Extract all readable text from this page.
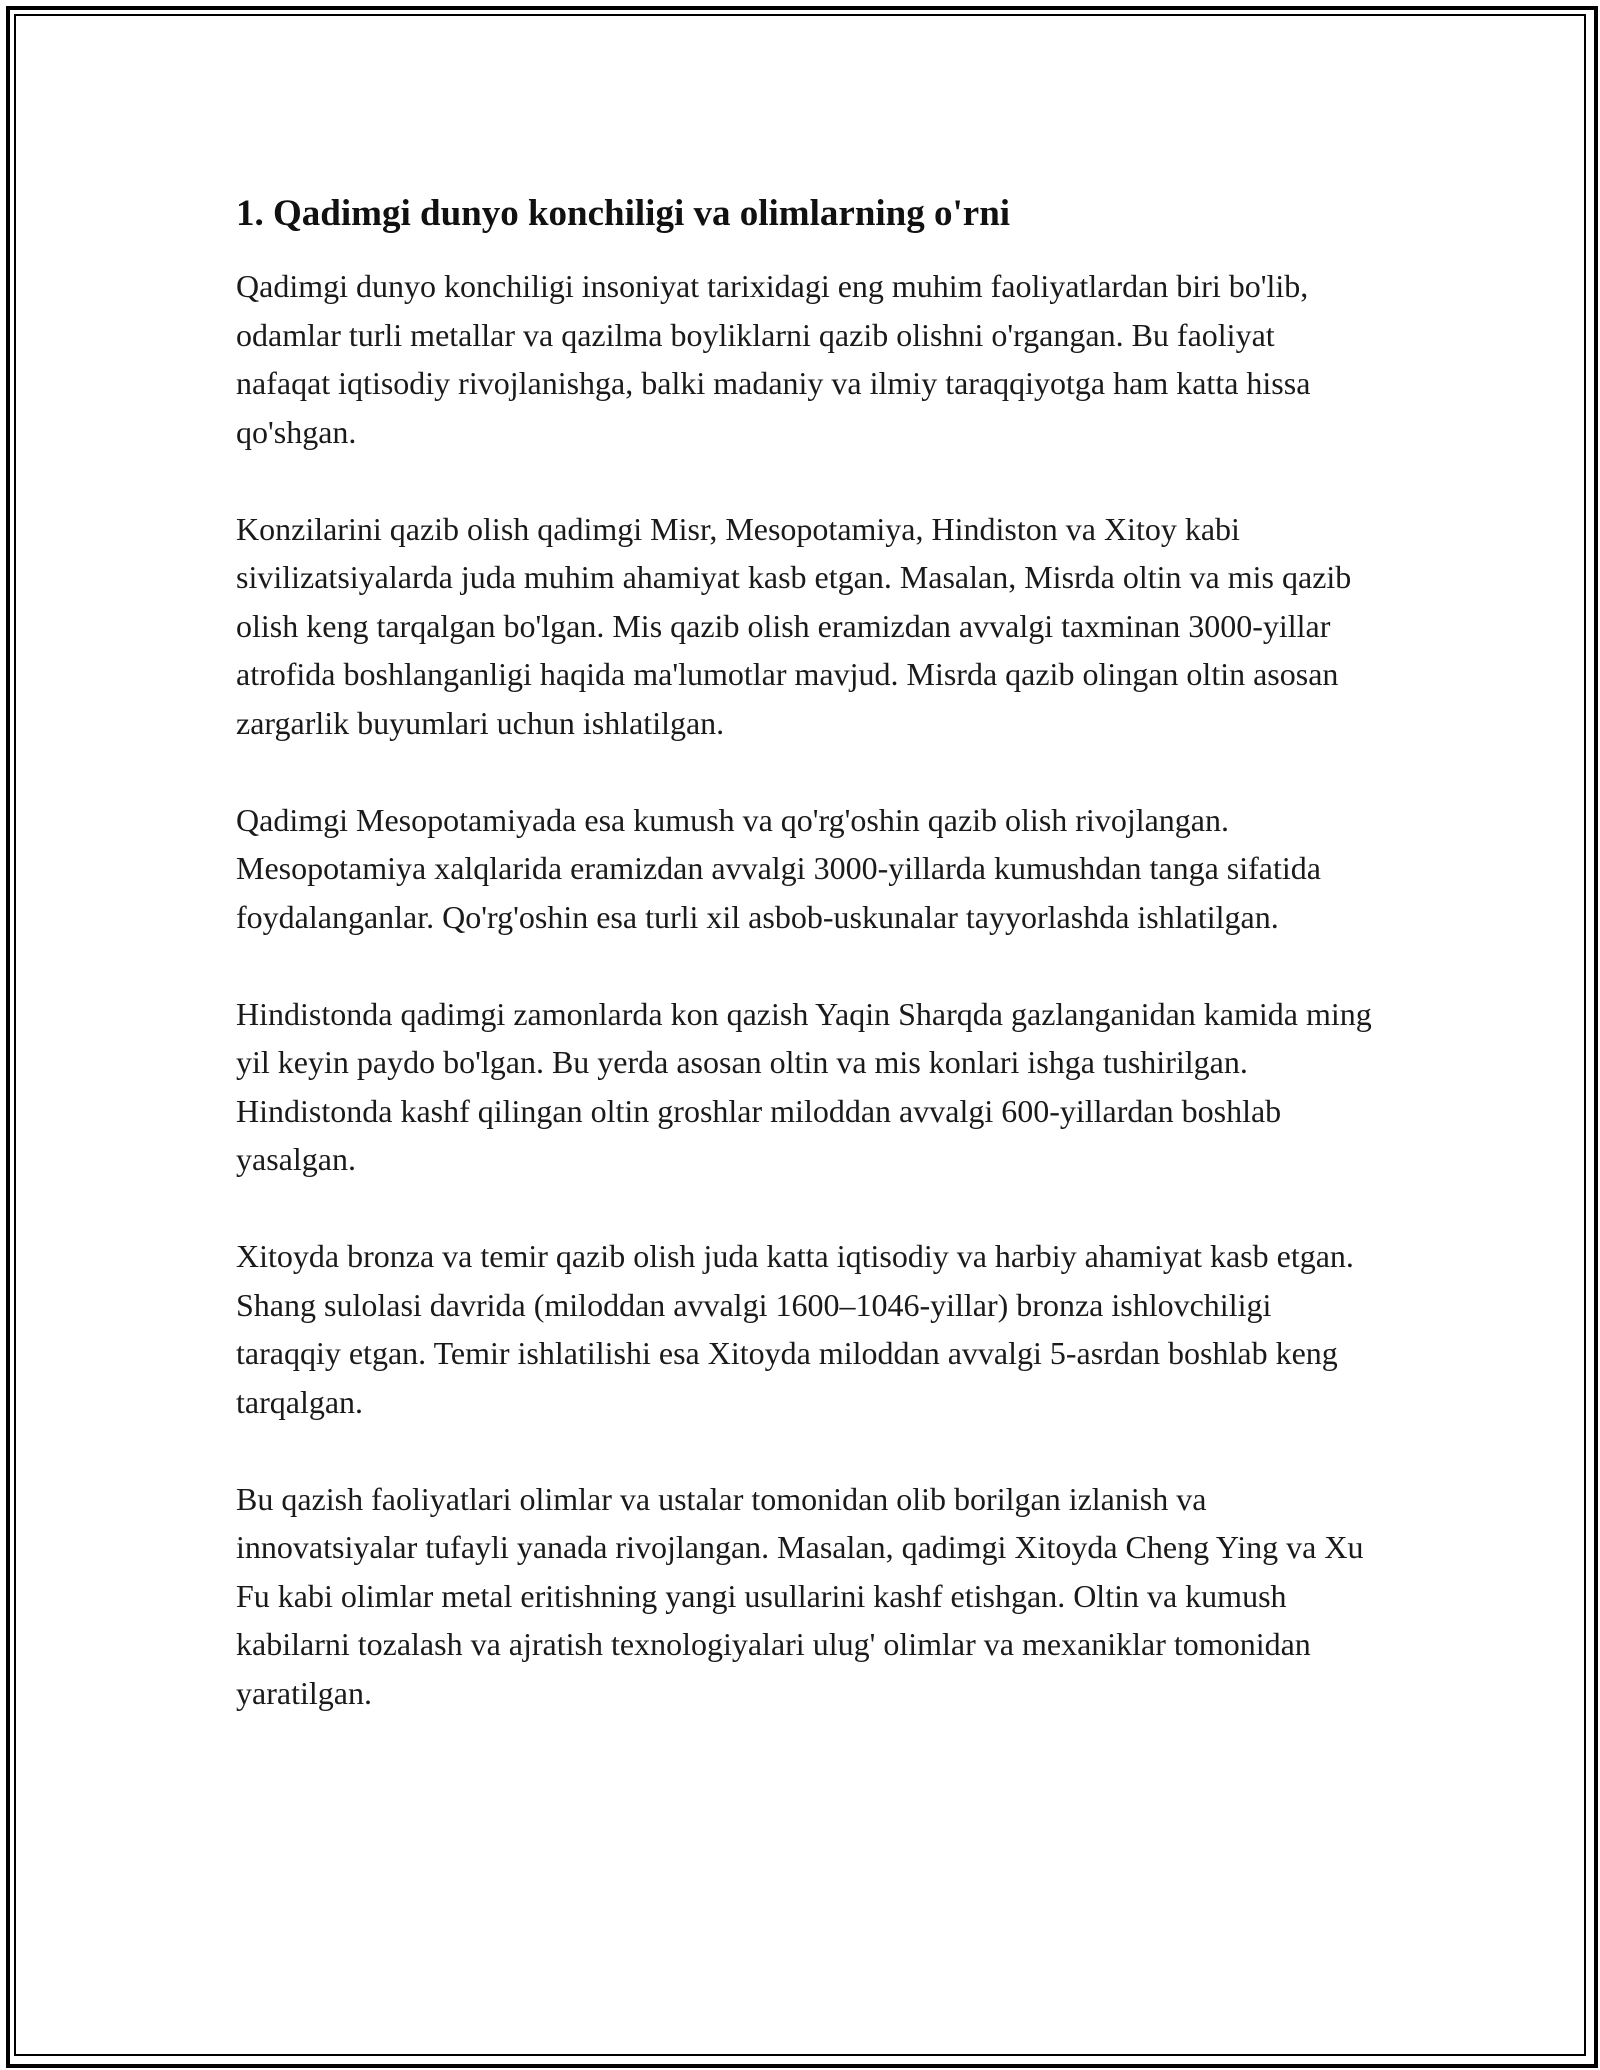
1. Qadimgi dunyo konchiligi va olimlarning o'rni

Qadimgi dunyo konchiligi insoniyat tarixidagi eng muhim faoliyatlardan biri bo'lib, odamlar turli metallar va qazilma boyliklarni qazib olishni o'rgangan. Bu faoliyat nafaqat iqtisodiy rivojlanishga, balki madaniy va ilmiy taraqqiyotga ham katta hissa qo'shgan.

Konzilarini qazib olish qadimgi Misr, Mesopotamiya, Hindiston va Xitoy kabi sivilizatsiyalarda juda muhim ahamiyat kasb etgan. Masalan, Misrda oltin va mis qazib olish keng tarqalgan bo'lgan. Mis qazib olish eramizdan avvalgi taxminan 3000-yillar atrofida boshlanganligi haqida ma'lumotlar mavjud. Misrda qazib olingan oltin asosan zargarlik buyumlari uchun ishlatilgan.

Qadimgi Mesopotamiyada esa kumush va qo'rg'oshin qazib olish rivojlangan. Mesopotamiya xalqlarida eramizdan avvalgi 3000-yillarda kumushdan tanga sifatida foydalanganlar. Qo'rg'oshin esa turli xil asbob-uskunalar tayyorlashda ishlatilgan.

Hindistonda qadimgi zamonlarda kon qazish Yaqin Sharqda gazlanganidan kamida ming yil keyin paydo bo'lgan. Bu yerda asosan oltin va mis konlari ishga tushirilgan. Hindistonda kashf qilingan oltin groshlar miloddan avvalgi 600-yillardan boshlab yasalgan.

Xitoyda bronza va temir qazib olish juda katta iqtisodiy va harbiy ahamiyat kasb etgan. Shang sulolasi davrida (miloddan avvalgi 1600–1046-yillar) bronza ishlovchiligi taraqqiy etgan. Temir ishlatilishi esa Xitoyda miloddan avvalgi 5-asrdan boshlab keng tarqalgan.

Bu qazish faoliyatlari olimlar va ustalar tomonidan olib borilgan izlanish va innovatsiyalar tufayli yanada rivojlangan. Masalan, qadimgi Xitoyda Cheng Ying va Xu Fu kabi olimlar metal eritishning yangi usullarini kashf etishgan. Oltin va kumush kabilarni tozalash va ajratish texnologiyalari ulug' olimlar va mexaniklar tomonidan yaratilgan.
